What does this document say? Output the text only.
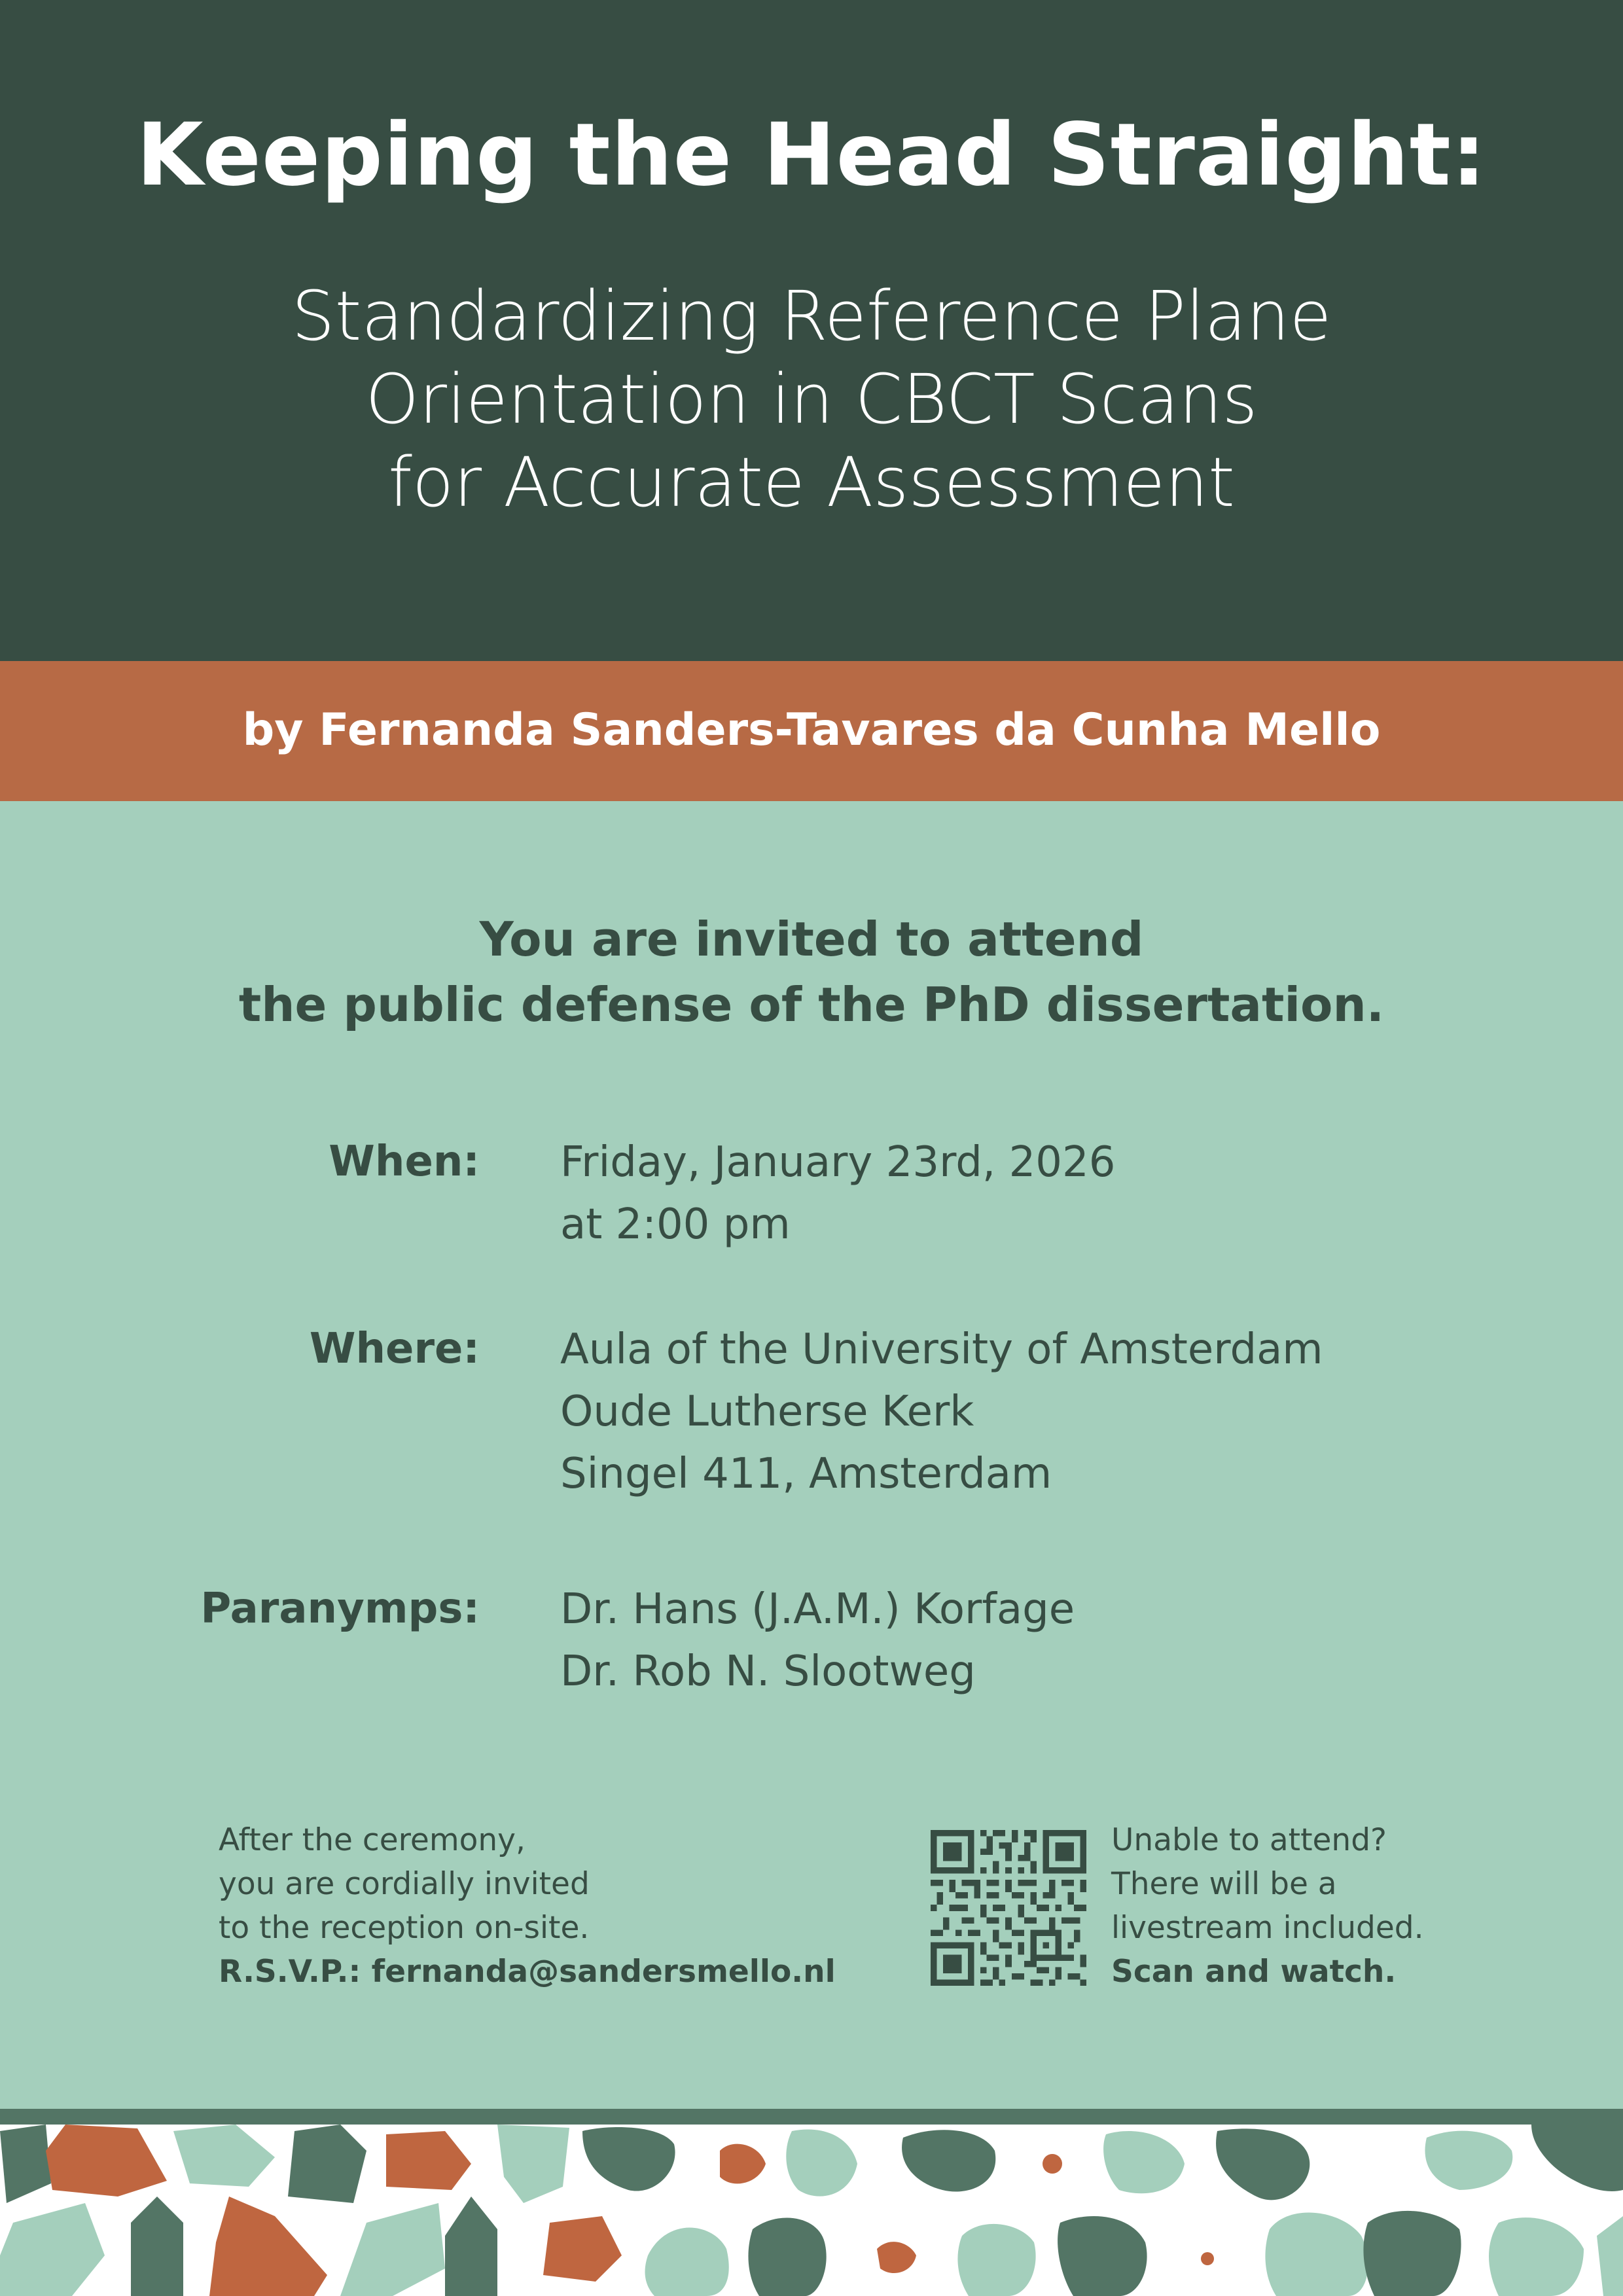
Keeping the Head Straight:
Standardizing Reference Plane
Orientation in CBCT Scans
for Accurate Assessment
by Fernanda Sanders-Tavares da Cunha Mello
You are invited to attend
the public defense of the PhD dissertation.
When: Friday, January 23rd, 2026
at 2:00 pm
Where: Aula of the University of Amsterdam
Oude Lutherse Kerk
Singel 411, Amsterdam
Paranymps: Dr. Hans (J.A.M.) Korfage
Dr. Rob N. Slootweg
After the ceremony,
you are cordially invited
to the reception on-site.
R.S.V.P.: fernanda@sandersmello.nl
Unable to attend?
There will be a
livestream included.
Scan and watch.
